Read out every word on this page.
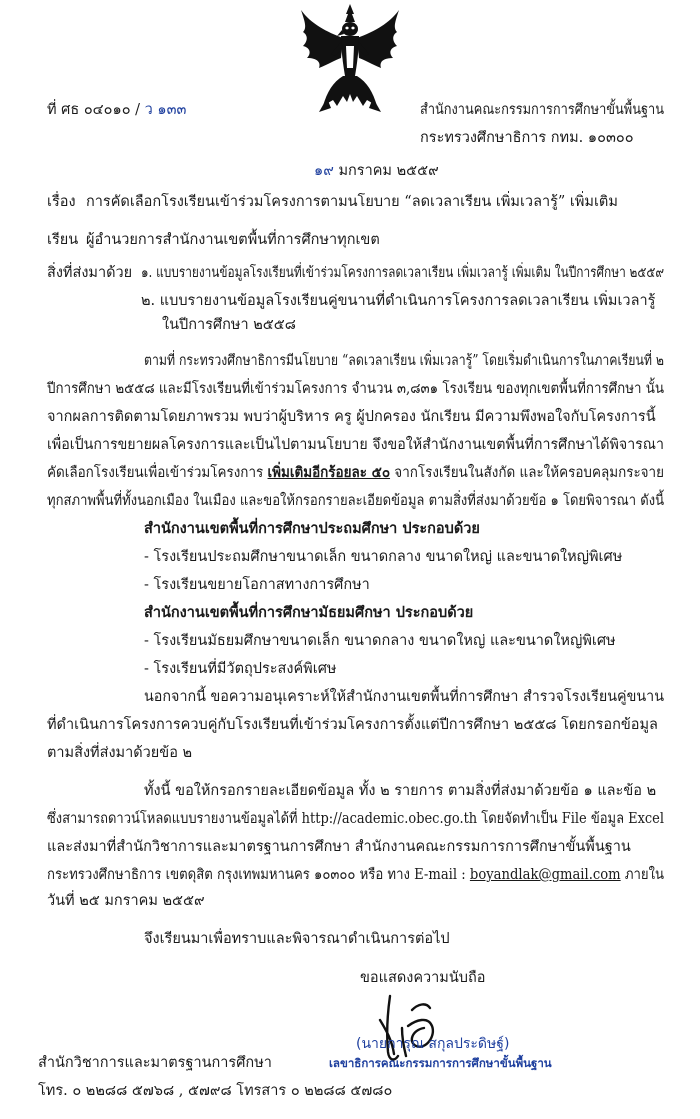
ที่ ศธ ๐๔๐๑๐ / ว ๑๓๓	สำนักงานคณะกรรมการการศึกษาขั้นพื้นฐาน
กระทรวงศึกษาธิการ กทม. ๑๐๓๐๐
๑๙ มกราคม ๒๕๕๙
เรื่อง การคัดเลือกโรงเรียนเข้าร่วมโครงการตามนโยบาย “ลดเวลาเรียน เพิ่มเวลารู้” เพิ่มเติม
เรียน ผู้อำนวยการสำนักงานเขตพื้นที่การศึกษาทุกเขต
สิ่งที่ส่งมาด้วย ๑. แบบรายงานข้อมูลโรงเรียนที่เข้าร่วมโครงการลดเวลาเรียน เพิ่มเวลารู้ เพิ่มเติม ในปีการศึกษา ๒๕๕๙
๒. แบบรายงานข้อมูลโรงเรียนคู่ขนานที่ดำเนินการโครงการลดเวลาเรียน เพิ่มเวลารู้
ในปีการศึกษา ๒๕๕๘
ตามที่ กระทรวงศึกษาธิการมีนโยบาย “ลดเวลาเรียน เพิ่มเวลารู้” โดยเริ่มดำเนินการในภาคเรียนที่ ๒
ปีการศึกษา ๒๕๕๘ และมีโรงเรียนที่เข้าร่วมโครงการ จำนวน ๓,๘๓๑ โรงเรียน ของทุกเขตพื้นที่การศึกษา นั้น
จากผลการติดตามโดยภาพรวม พบว่าผู้บริหาร ครู ผู้ปกครอง นักเรียน มีความพึงพอใจกับโครงการนี้
เพื่อเป็นการขยายผลโครงการและเป็นไปตามนโยบาย จึงขอให้สำนักงานเขตพื้นที่การศึกษาได้พิจารณา
คัดเลือกโรงเรียนเพื่อเข้าร่วมโครงการ เพิ่มเติมอีกร้อยละ ๕๐ จากโรงเรียนในสังกัด และให้ครอบคลุมกระจาย
ทุกสภาพพื้นที่ทั้งนอกเมือง ในเมือง และขอให้กรอกรายละเอียดข้อมูล ตามสิ่งที่ส่งมาด้วยข้อ ๑ โดยพิจารณา ดังนี้
สำนักงานเขตพื้นที่การศึกษาประถมศึกษา ประกอบด้วย
- โรงเรียนประถมศึกษาขนาดเล็ก ขนาดกลาง ขนาดใหญ่ และขนาดใหญ่พิเศษ
- โรงเรียนขยายโอกาสทางการศึกษา
สำนักงานเขตพื้นที่การศึกษามัธยมศึกษา ประกอบด้วย
- โรงเรียนมัธยมศึกษาขนาดเล็ก ขนาดกลาง ขนาดใหญ่ และขนาดใหญ่พิเศษ
- โรงเรียนที่มีวัตถุประสงค์พิเศษ
นอกจากนี้ ขอความอนุเคราะห์ให้สำนักงานเขตพื้นที่การศึกษา สำรวจโรงเรียนคู่ขนาน
ที่ดำเนินการโครงการควบคู่กับโรงเรียนที่เข้าร่วมโครงการตั้งแต่ปีการศึกษา ๒๕๕๘ โดยกรอกข้อมูล
ตามสิ่งที่ส่งมาด้วยข้อ ๒
ทั้งนี้ ขอให้กรอกรายละเอียดข้อมูล ทั้ง ๒ รายการ ตามสิ่งที่ส่งมาด้วยข้อ ๑ และข้อ ๒
ซึ่งสามารถดาวน์โหลดแบบรายงานข้อมูลได้ที่ http://academic.obec.go.th โดยจัดทำเป็น File ข้อมูล Excel
และส่งมาที่สำนักวิชาการและมาตรฐานการศึกษา สำนักงานคณะกรรมการการศึกษาขั้นพื้นฐาน
กระทรวงศึกษาธิการ เขตดุสิต กรุงเทพมหานคร ๑๐๓๐๐ หรือ ทาง E-mail : boyandlak@gmail.com ภายใน
วันที่ ๒๕ มกราคม ๒๕๕๙
จึงเรียนมาเพื่อทราบและพิจารณาดำเนินการต่อไป
ขอแสดงความนับถือ
(นายการุณ สกุลประดิษฐ์)
เลขาธิการคณะกรรมการการศึกษาขั้นพื้นฐาน
สำนักวิชาการและมาตรฐานการศึกษา
โทร. ๐ ๒๒๘๘ ๕๗๖๘ , ๕๗๙๘ โทรสาร ๐ ๒๒๘๘ ๕๗๘๐
